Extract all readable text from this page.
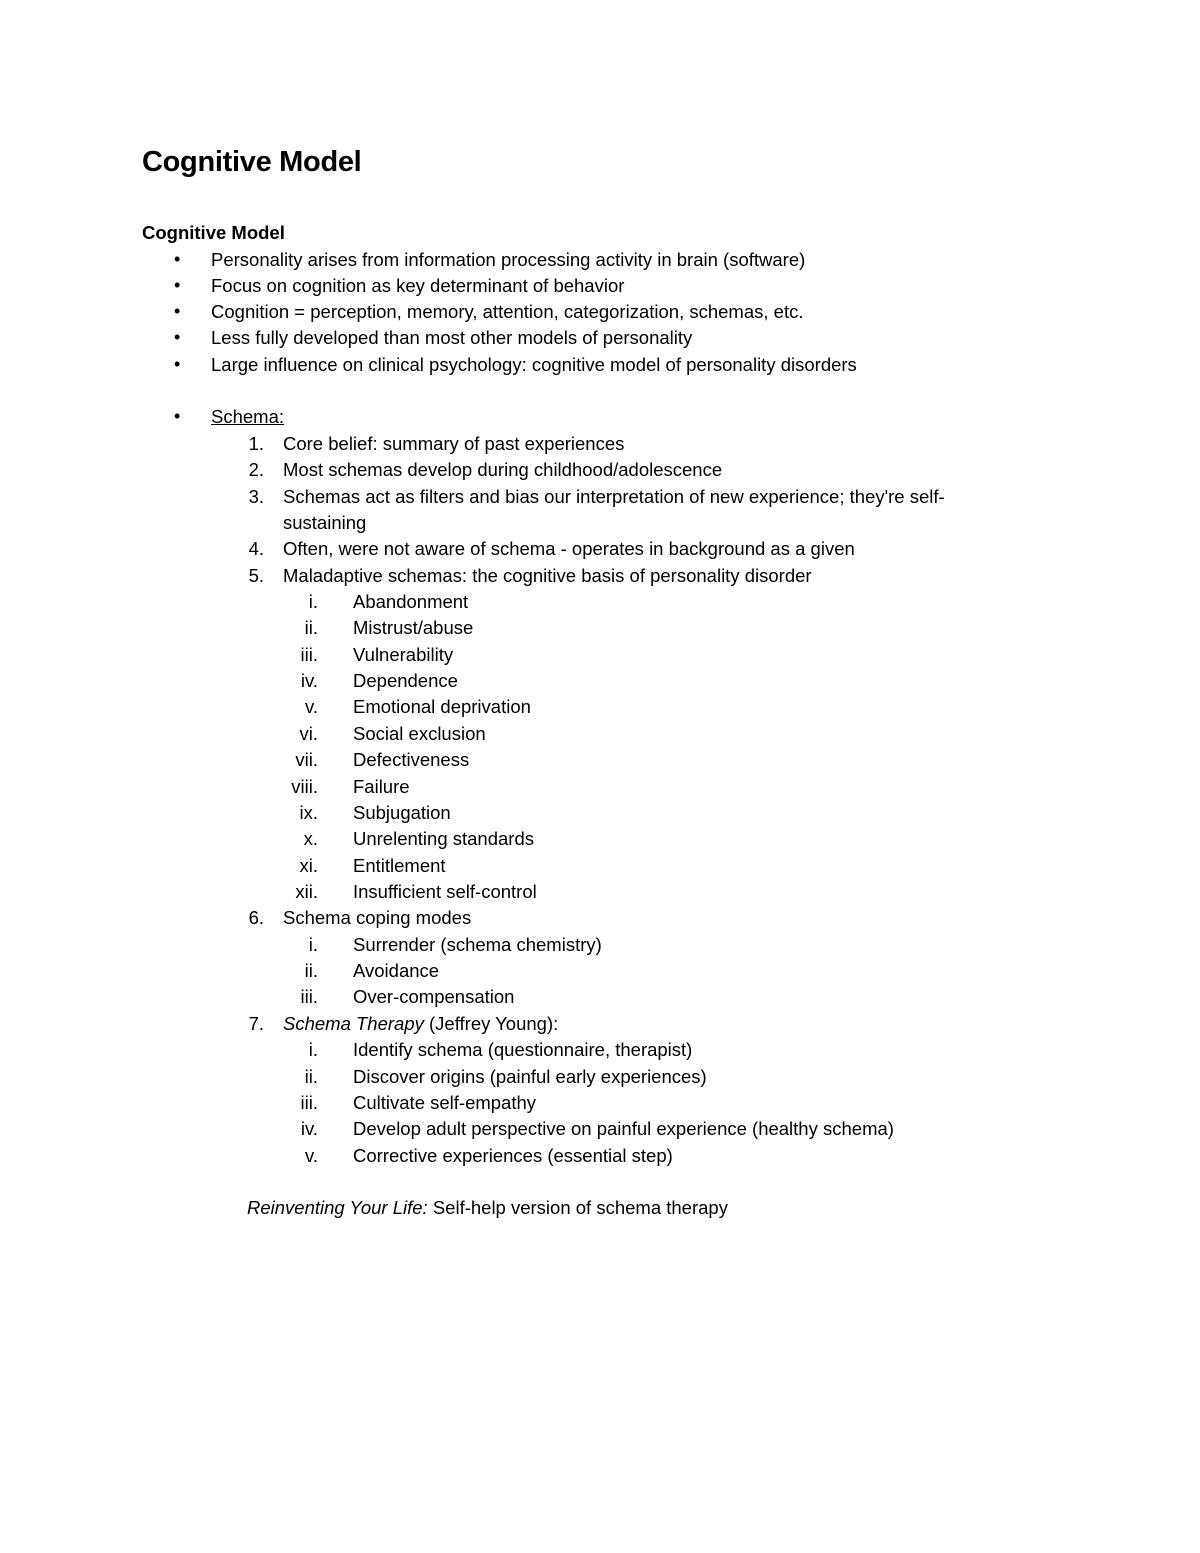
Cognitive Model
Cognitive Model
• Personality arises from information processing activity in brain (software)
• Focus on cognition as key determinant of behavior
• Cognition = perception, memory, attention, categorization, schemas, etc.
• Less fully developed than most other models of personality
• Large influence on clinical psychology: cognitive model of personality disorders
• Schema:
1. Core belief: summary of past experiences
2. Most schemas develop during childhood/adolescence
3. Schemas act as filters and bias our interpretation of new experience; they're self-
sustaining
4. Often, were not aware of schema - operates in background as a given
5. Maladaptive schemas: the cognitive basis of personality disorder
i. Abandonment
ii. Mistrust/abuse
iii. Vulnerability
iv. Dependence
v. Emotional deprivation
vi. Social exclusion
vii. Defectiveness
viii. Failure
ix. Subjugation
x. Unrelenting standards
xi. Entitlement
xii. Insufficient self-control
6. Schema coping modes
i. Surrender (schema chemistry)
ii. Avoidance
iii. Over-compensation
7. Schema Therapy (Jeffrey Young):
i. Identify schema (questionnaire, therapist)
ii. Discover origins (painful early experiences)
iii. Cultivate self-empathy
iv. Develop adult perspective on painful experience (healthy schema)
v. Corrective experiences (essential step)
Reinventing Your Life: Self-help version of schema therapy
